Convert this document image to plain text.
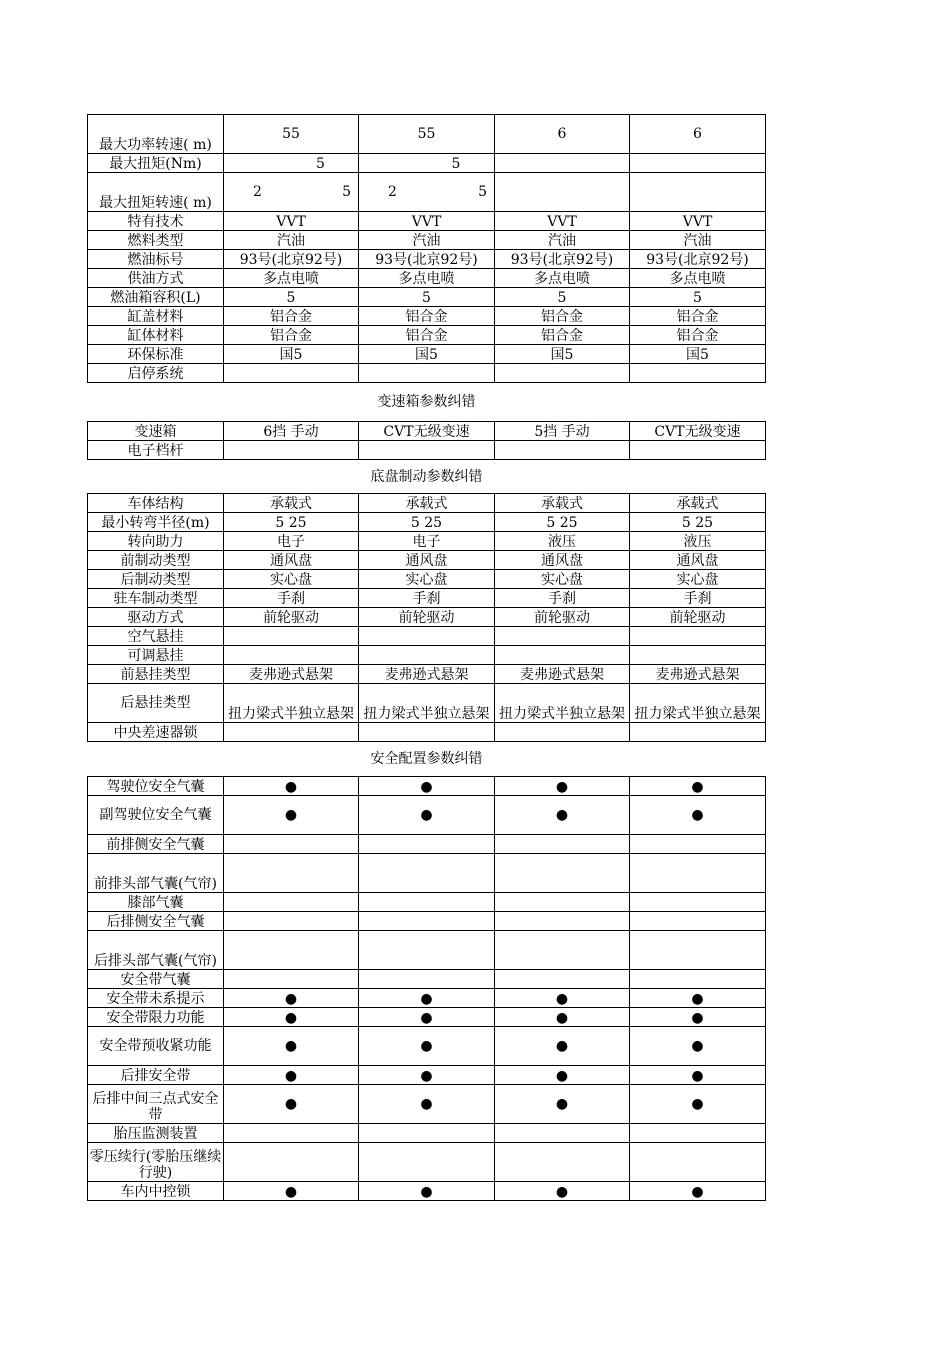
最大功率转速( m)	55	55	6	6
最大扭矩(Nm)	5	5		
最大扭矩转速( m)	2 5	2 5		

特有技术	VVT	VVT	VVT	VVT
燃料类型	汽油	汽油	汽油	汽油
燃油标号	93号(北京92号)	93号(北京92号)	93号(北京92号)	93号(北京92号)
供油方式	多点电喷	多点电喷	多点电喷	多点电喷
燃油箱容积(L)	5	5	5	5
缸盖材料	铝合金	铝合金	铝合金	铝合金
缸体材料	铝合金	铝合金	铝合金	铝合金
环保标准	国5	国5	国5	国5
启停系统				
变速箱参数纠错				
变速箱	6挡 手动	CVT无级变速	5挡 手动	CVT无级变速
电子档杆				
底盘制动参数纠错				
车体结构	承载式	承载式	承载式	承载式
最小转弯半径(m)	5 25	5 25	5 25	5 25
转向助力	电子	电子	液压	液压
前制动类型	通风盘	通风盘	通风盘	通风盘
后制动类型	实心盘	实心盘	实心盘	实心盘
驻车制动类型	手刹	手刹	手刹	手刹
驱动方式	前轮驱动	前轮驱动	前轮驱动	前轮驱动
空气悬挂				
可调悬挂				
前悬挂类型	麦弗逊式悬架	麦弗逊式悬架	麦弗逊式悬架	麦弗逊式悬架
后悬挂类型	扭力梁式半独立悬架	扭力梁式半独立悬架	扭力梁式半独立悬架	扭力梁式半独立悬架
中央差速器锁				
安全配置参数纠错				
驾驶位安全气囊	●	●	●	●
副驾驶位安全气囊	●	●	●	●
前排侧安全气囊				
前排头部气囊(气帘)				
膝部气囊				
后排侧安全气囊				
后排头部气囊(气帘)				
安全带气囊				
安全带未系提示	●	●	●	●
安全带限力功能	●	●	●	●
安全带预收紧功能	●	●	●	●
后排安全带	●	●	●	●
后排中间三点式安全带	●	●	●	●
胎压监测装置				
零压续行(零胎压继续行驶)				
车内中控锁	●	●	●	●
